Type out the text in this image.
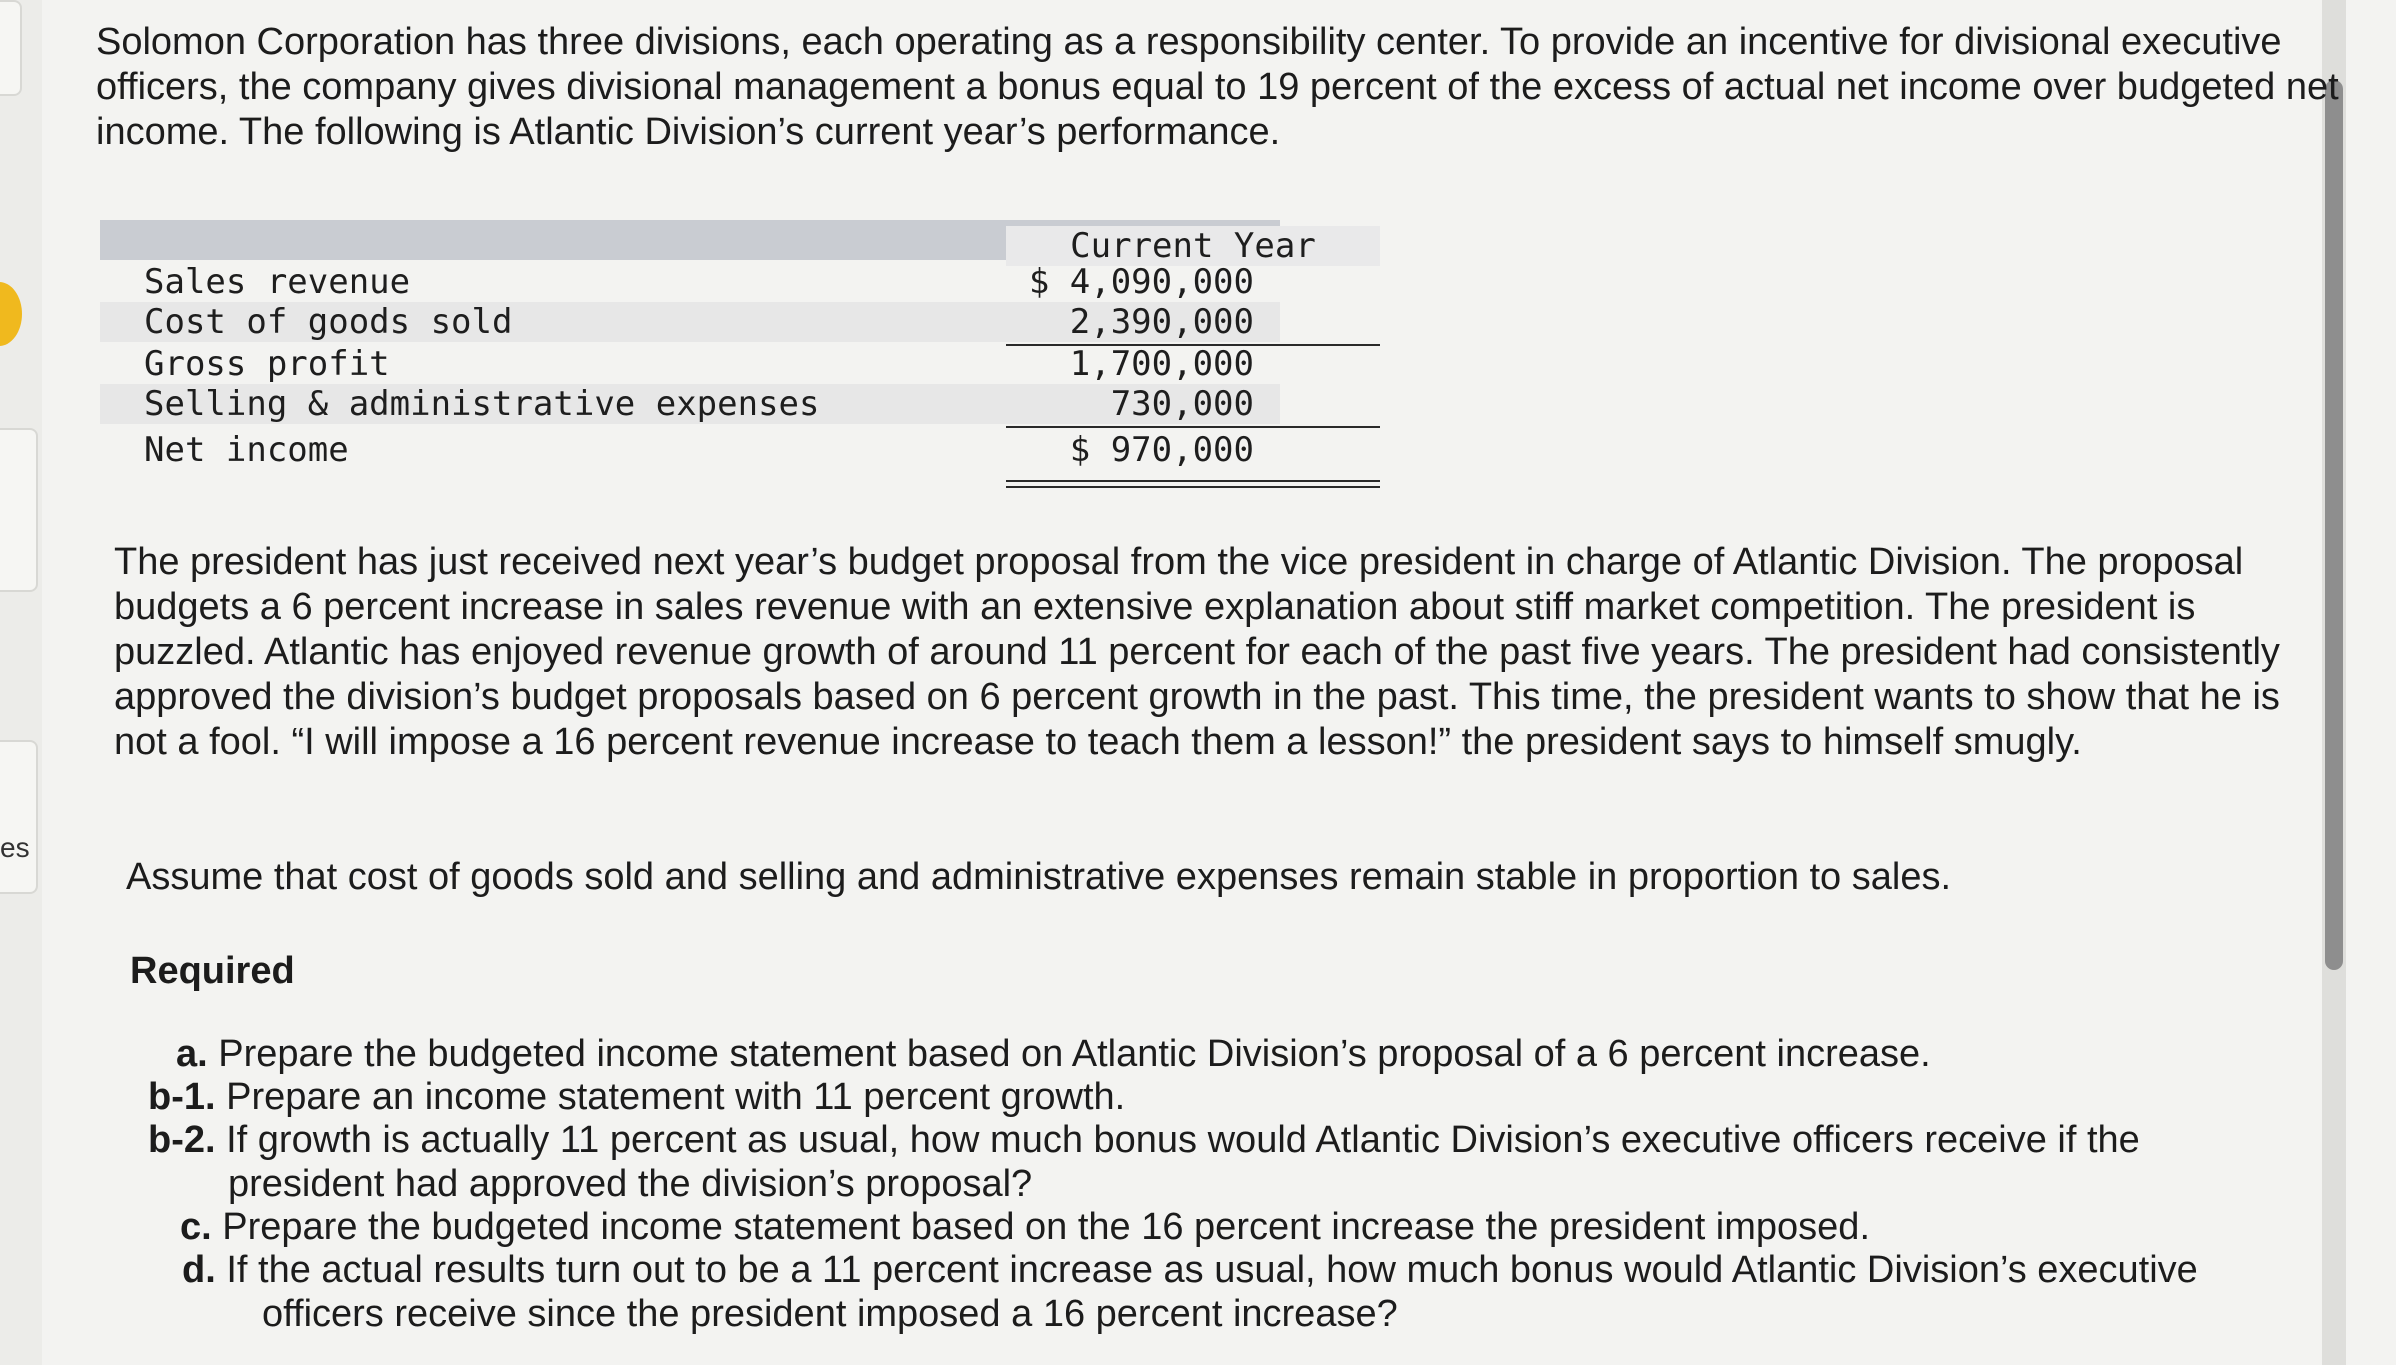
es

Solomon Corporation has three divisions, each operating as a responsibility center. To provide an incentive for divisional executive officers, the company gives divisional management a bonus equal to 19 percent of the excess of actual net income over budgeted net income. The following is Atlantic Division’s current year’s performance.

Current Year
Sales revenue	$ 4,090,000
Cost of goods sold	2,390,000
Gross profit	1,700,000
Selling & administrative expenses	730,000
Net income	$ 970,000

The president has just received next year’s budget proposal from the vice president in charge of Atlantic Division. The proposal budgets a 6 percent increase in sales revenue with an extensive explanation about stiff market competition. The president is puzzled. Atlantic has enjoyed revenue growth of around 11 percent for each of the past five years. The president had consistently approved the division’s budget proposals based on 6 percent growth in the past. This time, the president wants to show that he is not a fool. “I will impose a 16 percent revenue increase to teach them a lesson!” the president says to himself smugly.

Assume that cost of goods sold and selling and administrative expenses remain stable in proportion to sales.

Required

a. Prepare the budgeted income statement based on Atlantic Division’s proposal of a 6 percent increase.

b-1. Prepare an income statement with 11 percent growth.

b-2. If growth is actually 11 percent as usual, how much bonus would Atlantic Division’s executive officers receive if the
president had approved the division’s proposal?

c. Prepare the budgeted income statement based on the 16 percent increase the president imposed.

d. If the actual results turn out to be a 11 percent increase as usual, how much bonus would Atlantic Division’s executive
officers receive since the president imposed a 16 percent increase?
